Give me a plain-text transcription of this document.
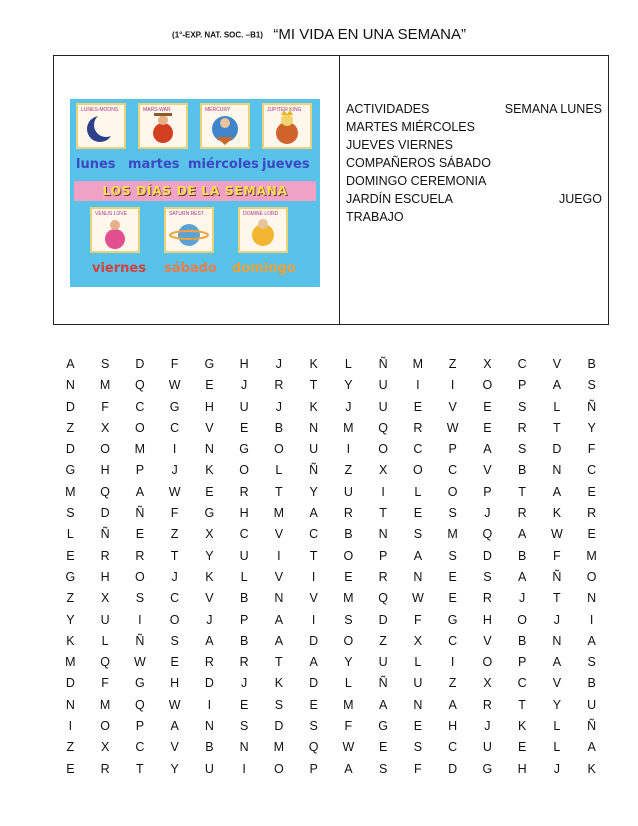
(1°-EXP. NAT. SOC. –B1) “MI VIDA EN UNA SEMANA”
LUNES-MOONS	MARS-WAR	MERCURY	JUPITER KING
lunes martes miércoles jueves
LOS DÍAS DE LA SEMANA
VENUS LOVE	SATURN REST	DOMINE LORD
viernes sábado domingo
·
ACTIVIDADES	SEMANA LUNES
MARTES MIÉRCOLES
JUEVES VIERNES
COMPAÑEROS SÁBADO
DOMINGO CEREMONIA
JARDÍN ESCUELA	JUEGO
TRABAJO
A	S	D	F	G	H	J	K	L	Ñ	M	Z	X	C	V	B
N	M	Q	W	E	J	R	T	Y	U	I	I	O	P	A	S
D	F	C	G	H	U	J	K	J	U	E	V	E	S	L	Ñ
Z	X	O	C	V	E	B	N	M	Q	R	W	E	R	T	Y
D	O	M	I	N	G	O	U	I	O	C	P	A	S	D	F
G	H	P	J	K	O	L	Ñ	Z	X	O	C	V	B	N	C
M	Q	A	W	E	R	T	Y	U	I	L	O	P	T	A	E
S	D	Ñ	F	G	H	M	A	R	T	E	S	J	R	K	R
L	Ñ	E	Z	X	C	V	C	B	N	S	M	Q	A	W	E
E	R	R	T	Y	U	I	T	O	P	A	S	D	B	F	M
G	H	O	J	K	L	V	I	E	R	N	E	S	A	Ñ	O
Z	X	S	C	V	B	N	V	M	Q	W	E	R	J	T	N
Y	U	I	O	J	P	A	I	S	D	F	G	H	O	J	I
K	L	Ñ	S	A	B	A	D	O	Z	X	C	V	B	N	A
M	Q	W	E	R	R	T	A	Y	U	L	I	O	P	A	S
D	F	G	H	D	J	K	D	L	Ñ	U	Z	X	C	V	B
N	M	Q	W	I	E	S	E	M	A	N	A	R	T	Y	U
I	O	P	A	N	S	D	S	F	G	E	H	J	K	L	Ñ
Z	X	C	V	B	N	M	Q	W	E	S	C	U	E	L	A
E	R	T	Y	U	I	O	P	A	S	F	D	G	H	J	K
